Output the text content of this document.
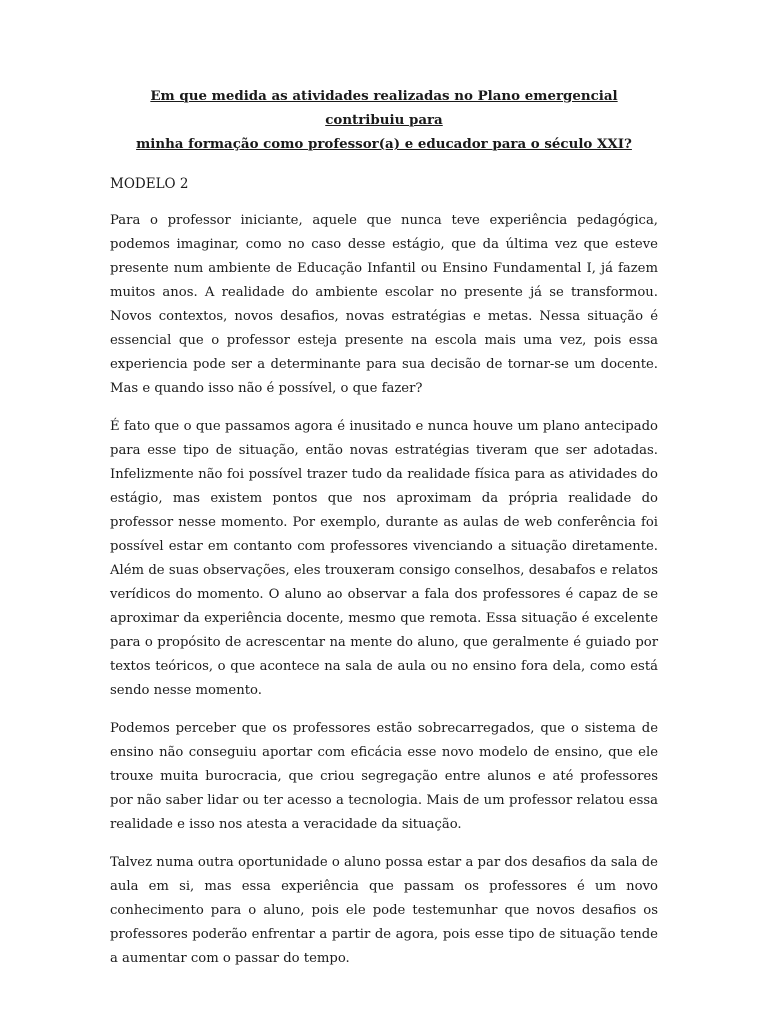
Em que medida as atividades realizadas no Plano emergencial contribuiu para
minha formação como professor(a) e educador para o século XXI?
MODELO 2

Para o professor iniciante, aquele que nunca teve experiência pedagógica, podemos imaginar, como no caso desse estágio, que da última vez que esteve presente num ambiente de Educação Infantil ou Ensino Fundamental I, já fazem muitos anos. A realidade do ambiente escolar no presente já se transformou. Novos contextos, novos desafios, novas estratégias e metas. Nessa situação é essencial que o professor esteja presente na escola mais uma vez, pois essa experiencia pode ser a determinante para sua decisão de tornar-se um docente. Mas e quando isso não é possível, o que fazer?

É fato que o que passamos agora é inusitado e nunca houve um plano antecipado para esse tipo de situação, então novas estratégias tiveram que ser adotadas. Infelizmente não foi possível trazer tudo da realidade física para as atividades do estágio, mas existem pontos que nos aproximam da própria realidade do professor nesse momento. Por exemplo, durante as aulas de web conferência foi possível estar em contanto com professores vivenciando a situação diretamente. Além de suas observações, eles trouxeram consigo conselhos, desabafos e relatos verídicos do momento. O aluno ao observar a fala dos professores é capaz de se aproximar da experiência docente, mesmo que remota. Essa situação é excelente para o propósito de acrescentar na mente do aluno, que geralmente é guiado por textos teóricos, o que acontece na sala de aula ou no ensino fora dela, como está sendo nesse momento.

Podemos perceber que os professores estão sobrecarregados, que o sistema de ensino não conseguiu aportar com eficácia esse novo modelo de ensino, que ele trouxe muita burocracia, que criou segregação entre alunos e até professores por não saber lidar ou ter acesso a tecnologia. Mais de um professor relatou essa realidade e isso nos atesta a veracidade da situação.

Talvez numa outra oportunidade o aluno possa estar a par dos desafios da sala de aula em si, mas essa experiência que passam os professores é um novo conhecimento para o aluno, pois ele pode testemunhar que novos desafios os professores poderão enfrentar a partir de agora, pois esse tipo de situação tende a aumentar com o passar do tempo.
